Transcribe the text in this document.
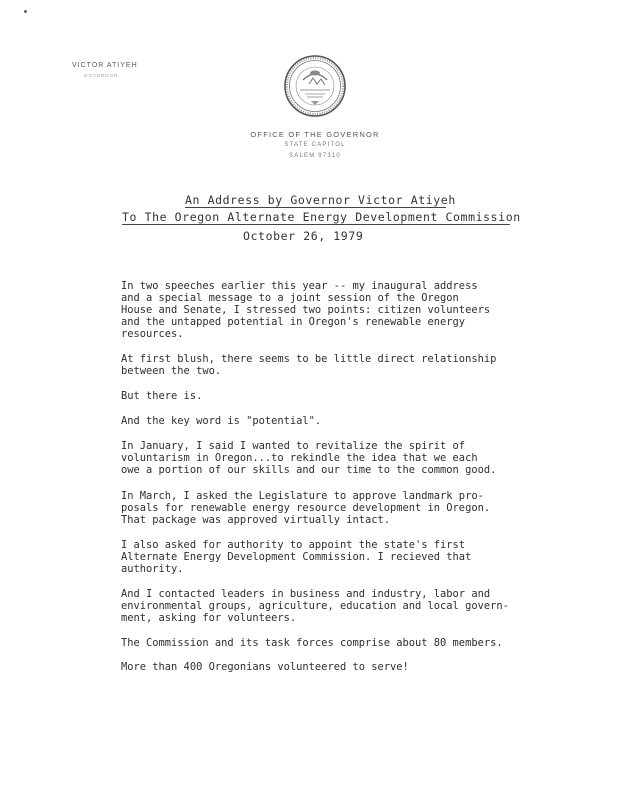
VICTOR ATIYEH
GOVERNOR
OFFICE OF THE GOVERNOR
STATE CAPITOL
SALEM 97310
An Address by Governor Victor Atiyeh
To The Oregon Alternate Energy Development Commission
October 26, 1979
In two speeches earlier this year -- my inaugural address
and a special message to a joint session of the Oregon
House and Senate, I stressed two points: citizen volunteers
and the untapped potential in Oregon's renewable energy
resources.
At first blush, there seems to be little direct relationship
between the two.
But there is.
And the key word is "potential".
In January, I said I wanted to revitalize the spirit of
voluntarism in Oregon...to rekindle the idea that we each
owe a portion of our skills and our time to the common good.
In March, I asked the Legislature to approve landmark pro-
posals for renewable energy resource development in Oregon.
That package was approved virtually intact.
I also asked for authority to appoint the state's first
Alternate Energy Development Commission. I recieved that
authority.
And I contacted leaders in business and industry, labor and
environmental groups, agriculture, education and local govern-
ment, asking for volunteers.
The Commission and its task forces comprise about 80 members.
More than 400 Oregonians volunteered to serve!
